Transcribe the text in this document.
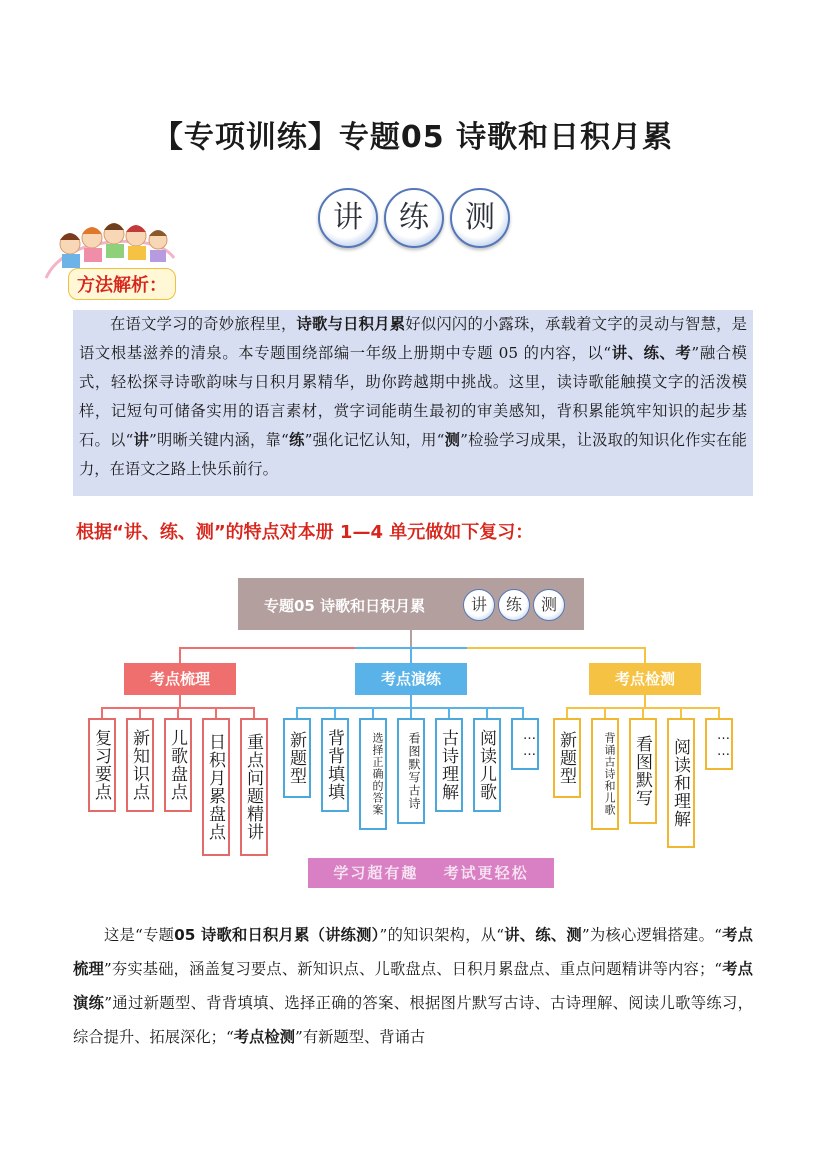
【专项训练】专题05 诗歌和日积月累
讲	练	测
方法解析：
在语文学习的奇妙旅程里，诗歌与日积月累好似闪闪的小露珠，承载着文字的灵动与智慧，是语文根基滋养的清泉。本专题围绕部编一年级上册期中专题 05 的内容，以“讲、练、考”融合模式，轻松探寻诗歌韵味与日积月累精华，助你跨越期中挑战。这里，读诗歌能触摸文字的活泼模样，记短句可储备实用的语言素材，赏字词能萌生最初的审美感知，背积累能筑牢知识的起步基石。以“讲”明晰关键内涵，靠“练”强化记忆认知，用“测”检验学习成果，让汲取的知识化作实在能力，在语文之路上快乐前行。
根据“讲、练、测”的特点对本册 1—4 单元做如下复习：
专题05 诗歌和日积月累	讲	练	测
考点梳理	考点演练	考点检测
复习要点 新知识点 儿歌盘点 日积月累盘点 重点问题精讲 新题型 背背填填	选择正确的答案	看图默写古诗 古诗理解 阅读儿歌	…… 新题型	背诵古诗和儿歌 看图默写 阅读和理解	……
学习超有趣 考试更轻松
这是“专题05 诗歌和日积月累（讲练测）”的知识架构，从“讲、练、测”为核心逻辑搭建。“考点梳理”夯实基础，涵盖复习要点、新知识点、儿歌盘点、日积月累盘点、重点问题精讲等内容；“考点演练”通过新题型、背背填填、选择正确的答案、根据图片默写古诗、古诗理解、阅读儿歌等练习，综合提升、拓展深化；“考点检测”有新题型、背诵古
